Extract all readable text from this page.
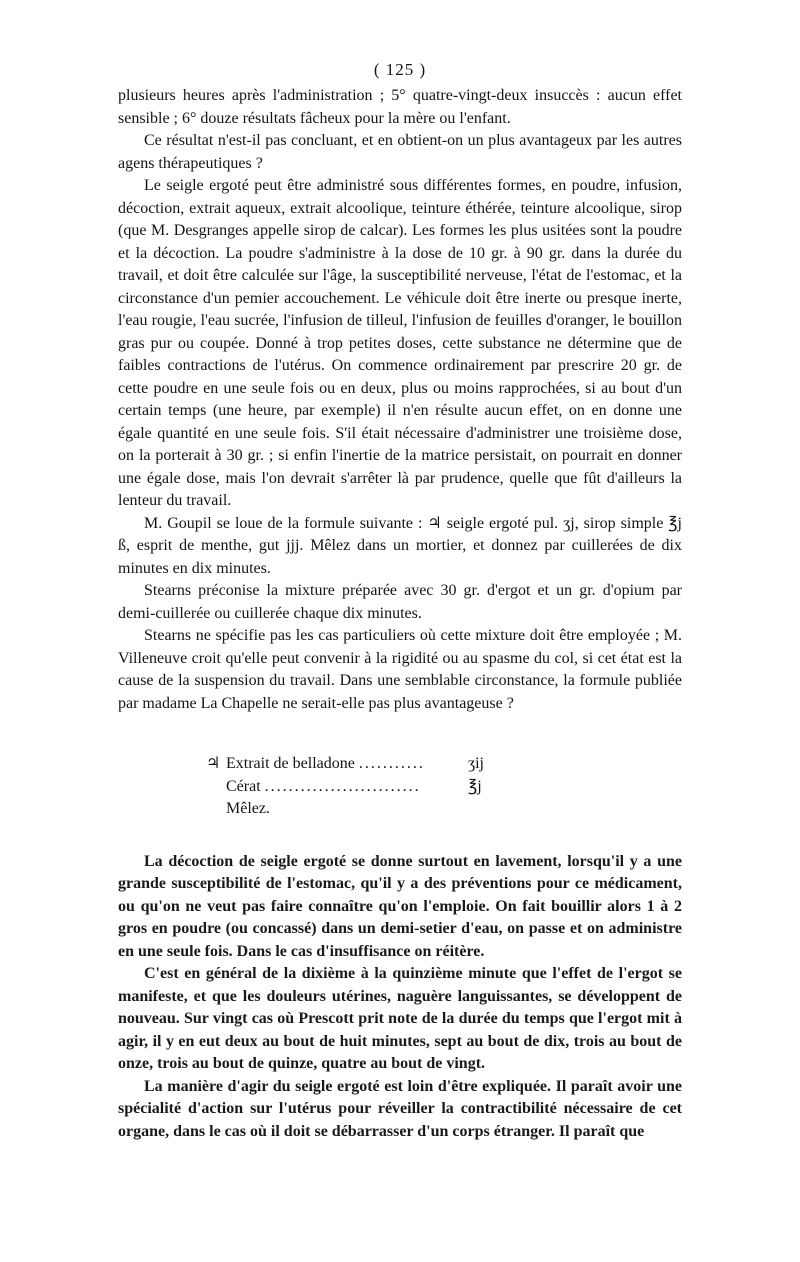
( 125 )

plusieurs heures après l'administration ; 5° quatre-vingt-deux insuccès : aucun effet sensible ; 6° douze résultats fâcheux pour la mère ou l'enfant.

Ce résultat n'est-il pas concluant, et en obtient-on un plus avantageux par les autres agens thérapeutiques ?

Le seigle ergoté peut être administré sous différentes formes, en poudre, infusion, décoction, extrait aqueux, extrait alcoolique, teinture éthérée, teinture alcoolique, sirop (que M. Desgranges appelle sirop de calcar). Les formes les plus usitées sont la poudre et la décoction. La poudre s'administre à la dose de 10 gr. à 90 gr. dans la durée du travail, et doit être calculée sur l'âge, la susceptibilité nerveuse, l'état de l'estomac, et la circonstance d'un pemier accouchement. Le véhicule doit être inerte ou presque inerte, l'eau rougie, l'eau sucrée, l'infusion de tilleul, l'infusion de feuilles d'oranger, le bouillon gras pur ou coupée. Donné à trop petites doses, cette substance ne détermine que de faibles contractions de l'utérus. On commence ordinairement par prescrire 20 gr. de cette poudre en une seule fois ou en deux, plus ou moins rapprochées, si au bout d'un certain temps (une heure, par exemple) il n'en résulte aucun effet, on en donne une égale quantité en une seule fois. S'il était nécessaire d'administrer une troisième dose, on la porterait à 30 gr. ; si enfin l'inertie de la matrice persistait, on pourrait en donner une égale dose, mais l'on devrait s'arrêter là par prudence, quelle que fût d'ailleurs la lenteur du travail.

M. Goupil se loue de la formule suivante : ♃ seigle ergoté pul. ʒj, sirop simple ℥j ß, esprit de menthe, gut jjj. Mêlez dans un mortier, et donnez par cuillerées de dix minutes en dix minutes.

Stearns préconise la mixture préparée avec 30 gr. d'ergot et un gr. d'opium par demi-cuillerée ou cuillerée chaque dix minutes.

Stearns ne spécifie pas les cas particuliers où cette mixture doit être employée ; M. Villeneuve croit qu'elle peut convenir à la rigidité ou au spasme du col, si cet état est la cause de la suspension du travail. Dans une semblable circonstance, la formule publiée par madame La Chapelle ne serait-elle pas plus avantageuse ?

♃ Extrait de belladone ...........	ʒij
Cérat ..........................	℥j
Mêlez.

La décoction de seigle ergoté se donne surtout en lavement, lorsqu'il y a une grande susceptibilité de l'estomac, qu'il y a des préventions pour ce médicament, ou qu'on ne veut pas faire connaître qu'on l'emploie. On fait bouillir alors 1 à 2 gros en poudre (ou concassé) dans un demi-setier d'eau, on passe et on administre en une seule fois. Dans le cas d'insuffisance on réitère.

C'est en général de la dixième à la quinzième minute que l'effet de l'ergot se manifeste, et que les douleurs utérines, naguère languissantes, se développent de nouveau. Sur vingt cas où Prescott prit note de la durée du temps que l'ergot mit à agir, il y en eut deux au bout de huit minutes, sept au bout de dix, trois au bout de onze, trois au bout de quinze, quatre au bout de vingt.

La manière d'agir du seigle ergoté est loin d'être expliquée. Il paraît avoir une spécialité d'action sur l'utérus pour réveiller la contractibilité nécessaire de cet organe, dans le cas où il doit se débarrasser d'un corps étranger. Il paraît que
